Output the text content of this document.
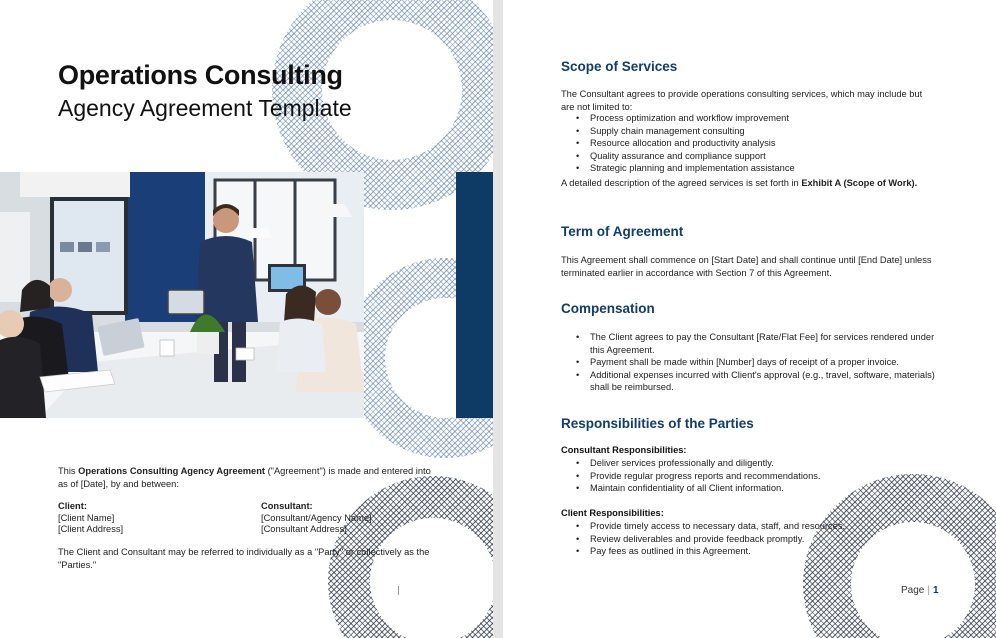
Operations Consulting
Agency Agreement Template

This Operations Consulting Agency Agreement ("Agreement") is made and entered into as of [Date], by and between:

Client:
[Client Name]
[Client Address]
Consultant:
[Consultant/Agency Name]
[Consultant Address]

The Client and Consultant may be referred to individually as a "Party" or collectively as the "Parties."

Scope of Services

The Consultant agrees to provide operations consulting services, which may include but are not limited to:

• Process optimization and workflow improvement
• Supply chain management consulting
• Resource allocation and productivity analysis
• Quality assurance and compliance support
• Strategic planning and implementation assistance

A detailed description of the agreed services is set forth in Exhibit A (Scope of Work).

Term of Agreement

This Agreement shall commence on [Start Date] and shall continue until [End Date] unless terminated earlier in accordance with Section 7 of this Agreement.

Compensation
• The Client agrees to pay the Consultant [Rate/Flat Fee] for services rendered under this Agreement.
• Payment shall be made within [Number] days of receipt of a proper invoice.
• Additional expenses incurred with Client's approval (e.g., travel, software, materials) shall be reimbursed.
Responsibilities of the Parties
Consultant Responsibilities:
• Deliver services professionally and diligently.
• Provide regular progress reports and recommendations.
• Maintain confidentiality of all Client information.
Client Responsibilities:
• Provide timely access to necessary data, staff, and resources.
• Review deliverables and provide feedback promptly.
• Pay fees as outlined in this Agreement.
Page | 1
